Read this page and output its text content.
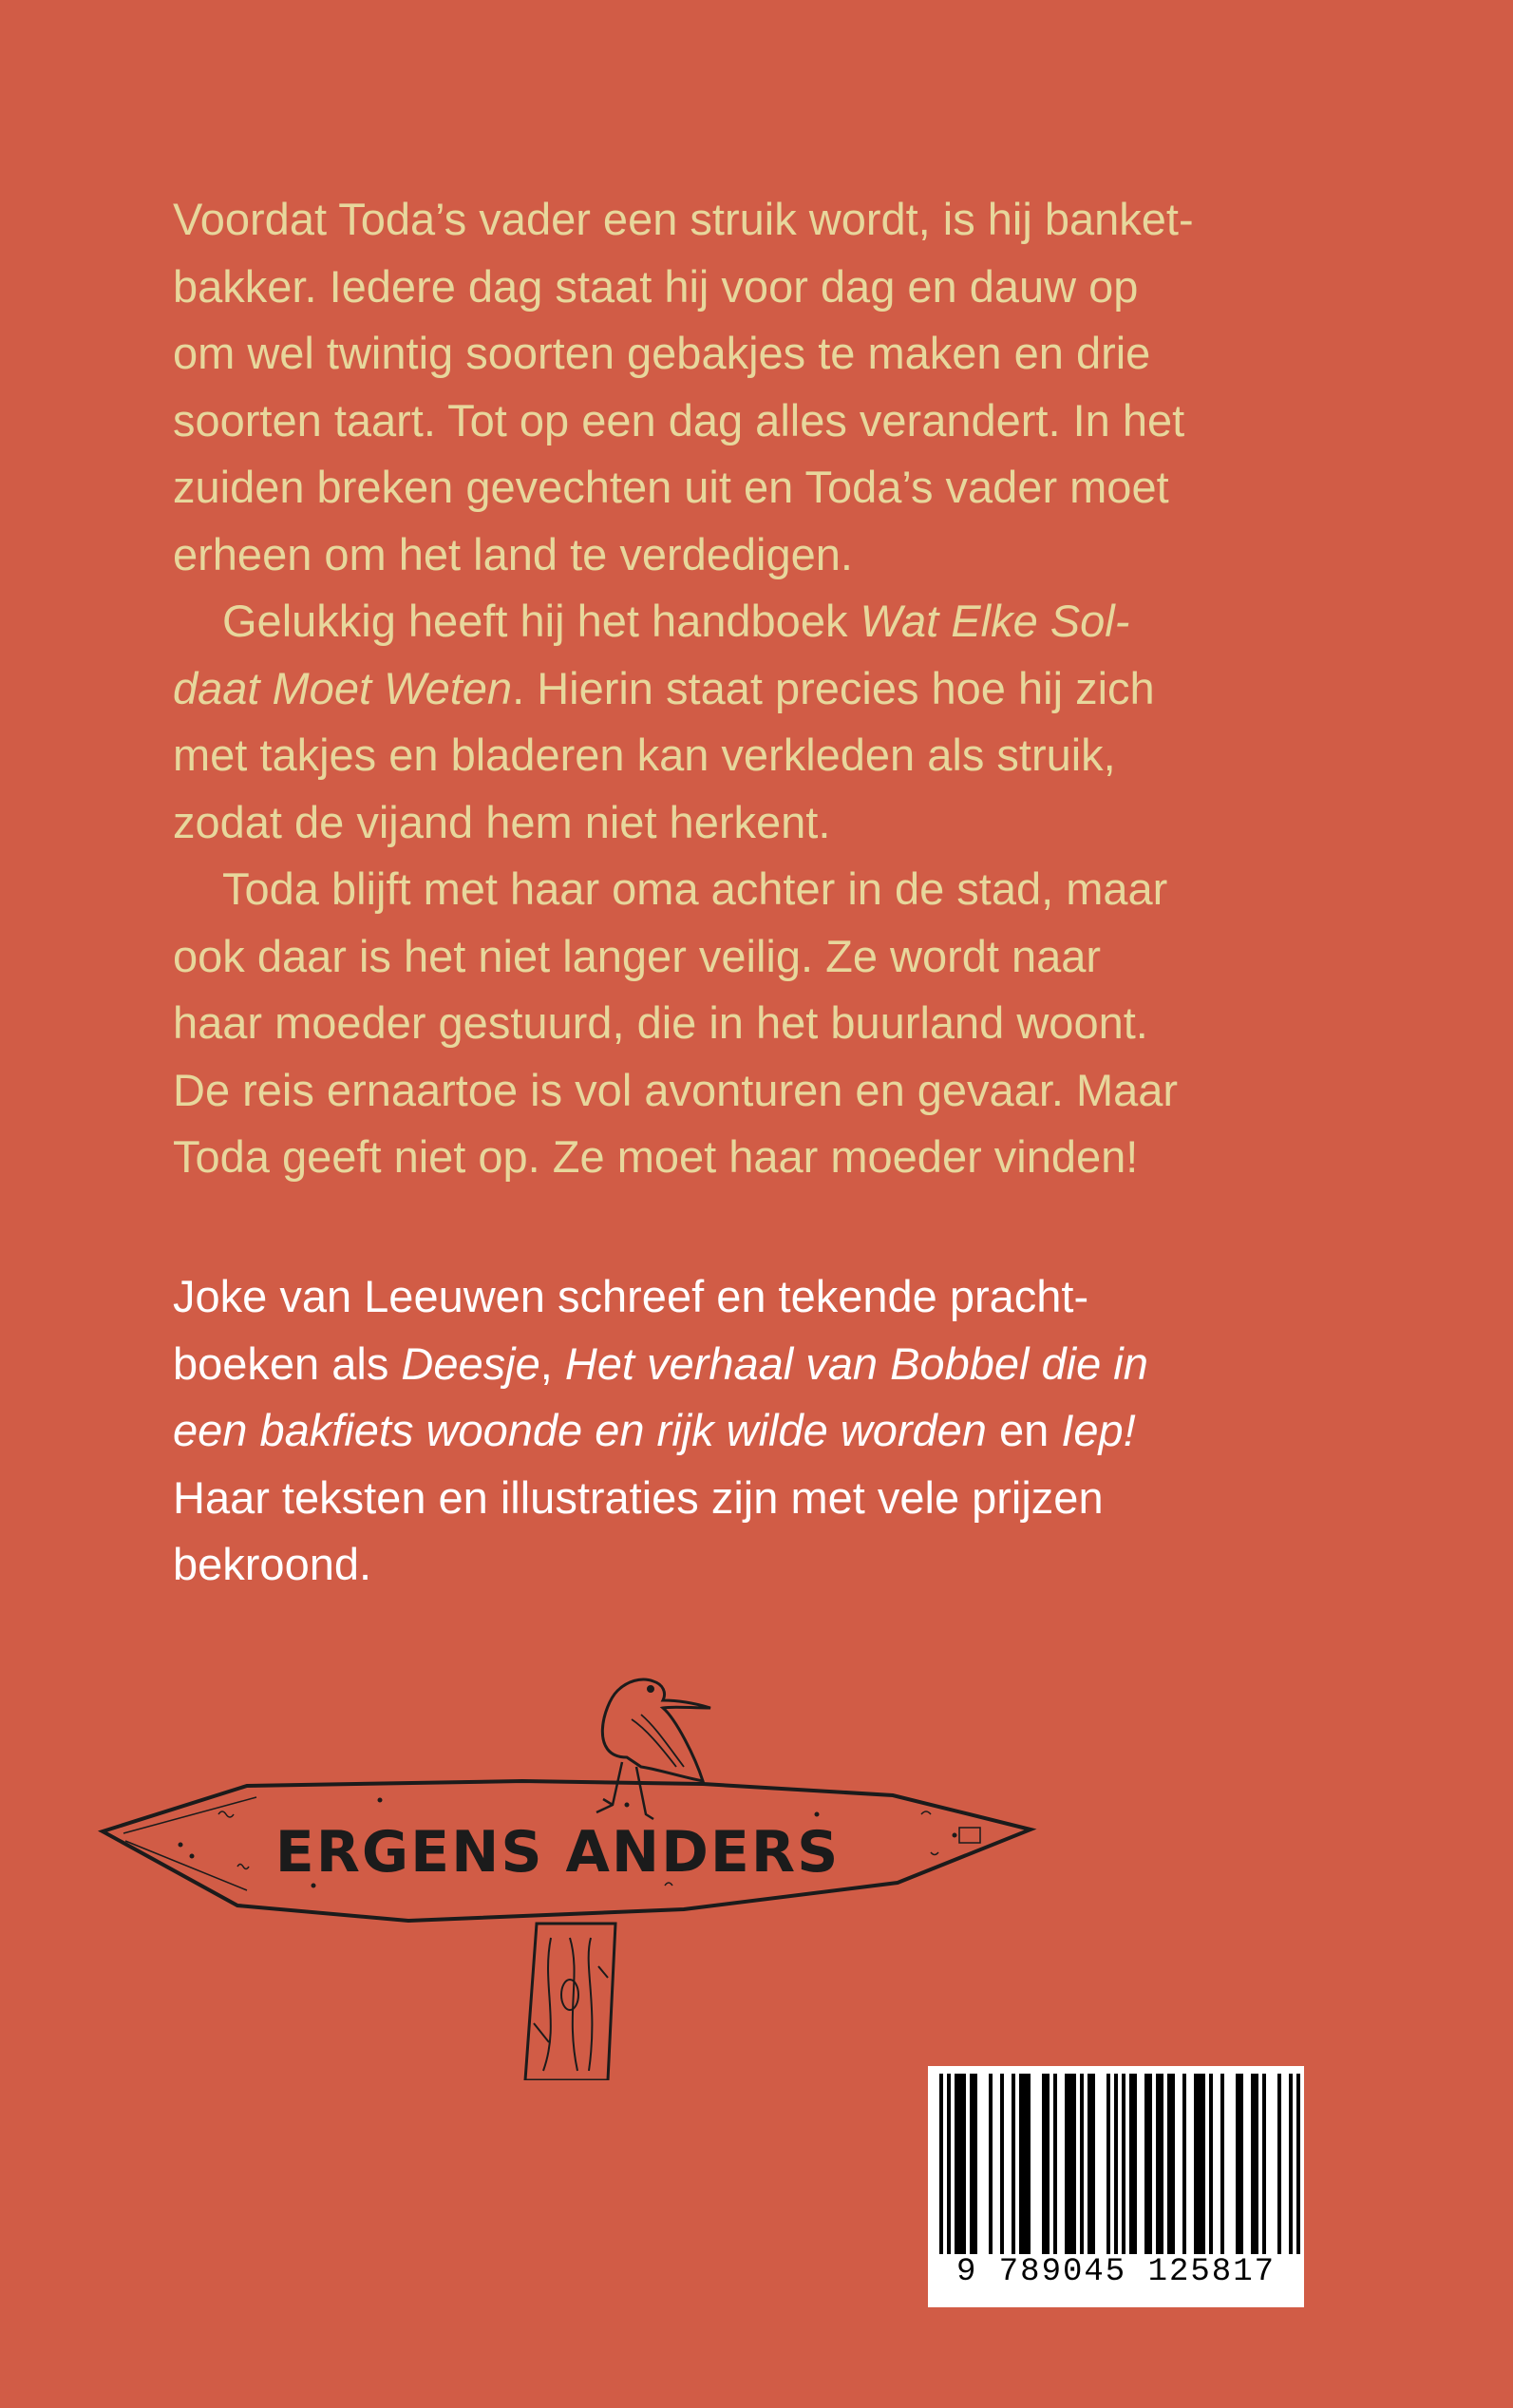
Voordat Toda’s vader een struik wordt, is hij banket-
bakker. Iedere dag staat hij voor dag en dauw op
om wel twintig soorten gebakjes te maken en drie
soorten taart. Tot op een dag alles verandert. In het
zuiden breken gevechten uit en Toda’s vader moet
erheen om het land te verdedigen.

Gelukkig heeft hij het handboek Wat Elke Sol-
daat Moet Weten. Hierin staat precies hoe hij zich
met takjes en bladeren kan verkleden als struik,
zodat de vijand hem niet herkent.

Toda blijft met haar oma achter in de stad, maar
ook daar is het niet langer veilig. Ze wordt naar
haar moeder gestuurd, die in het buurland woont.
De reis ernaartoe is vol avonturen en gevaar. Maar
Toda geeft niet op. Ze moet haar moeder vinden!

Joke van Leeuwen schreef en tekende pracht-
boeken als Deesje, Het verhaal van Bobbel die in
een bakfiets woonde en rijk wilde worden en Iep!
Haar teksten en illustraties zijn met vele prijzen
bekroond.
ERGENS ANDERS
9 789045 125817
